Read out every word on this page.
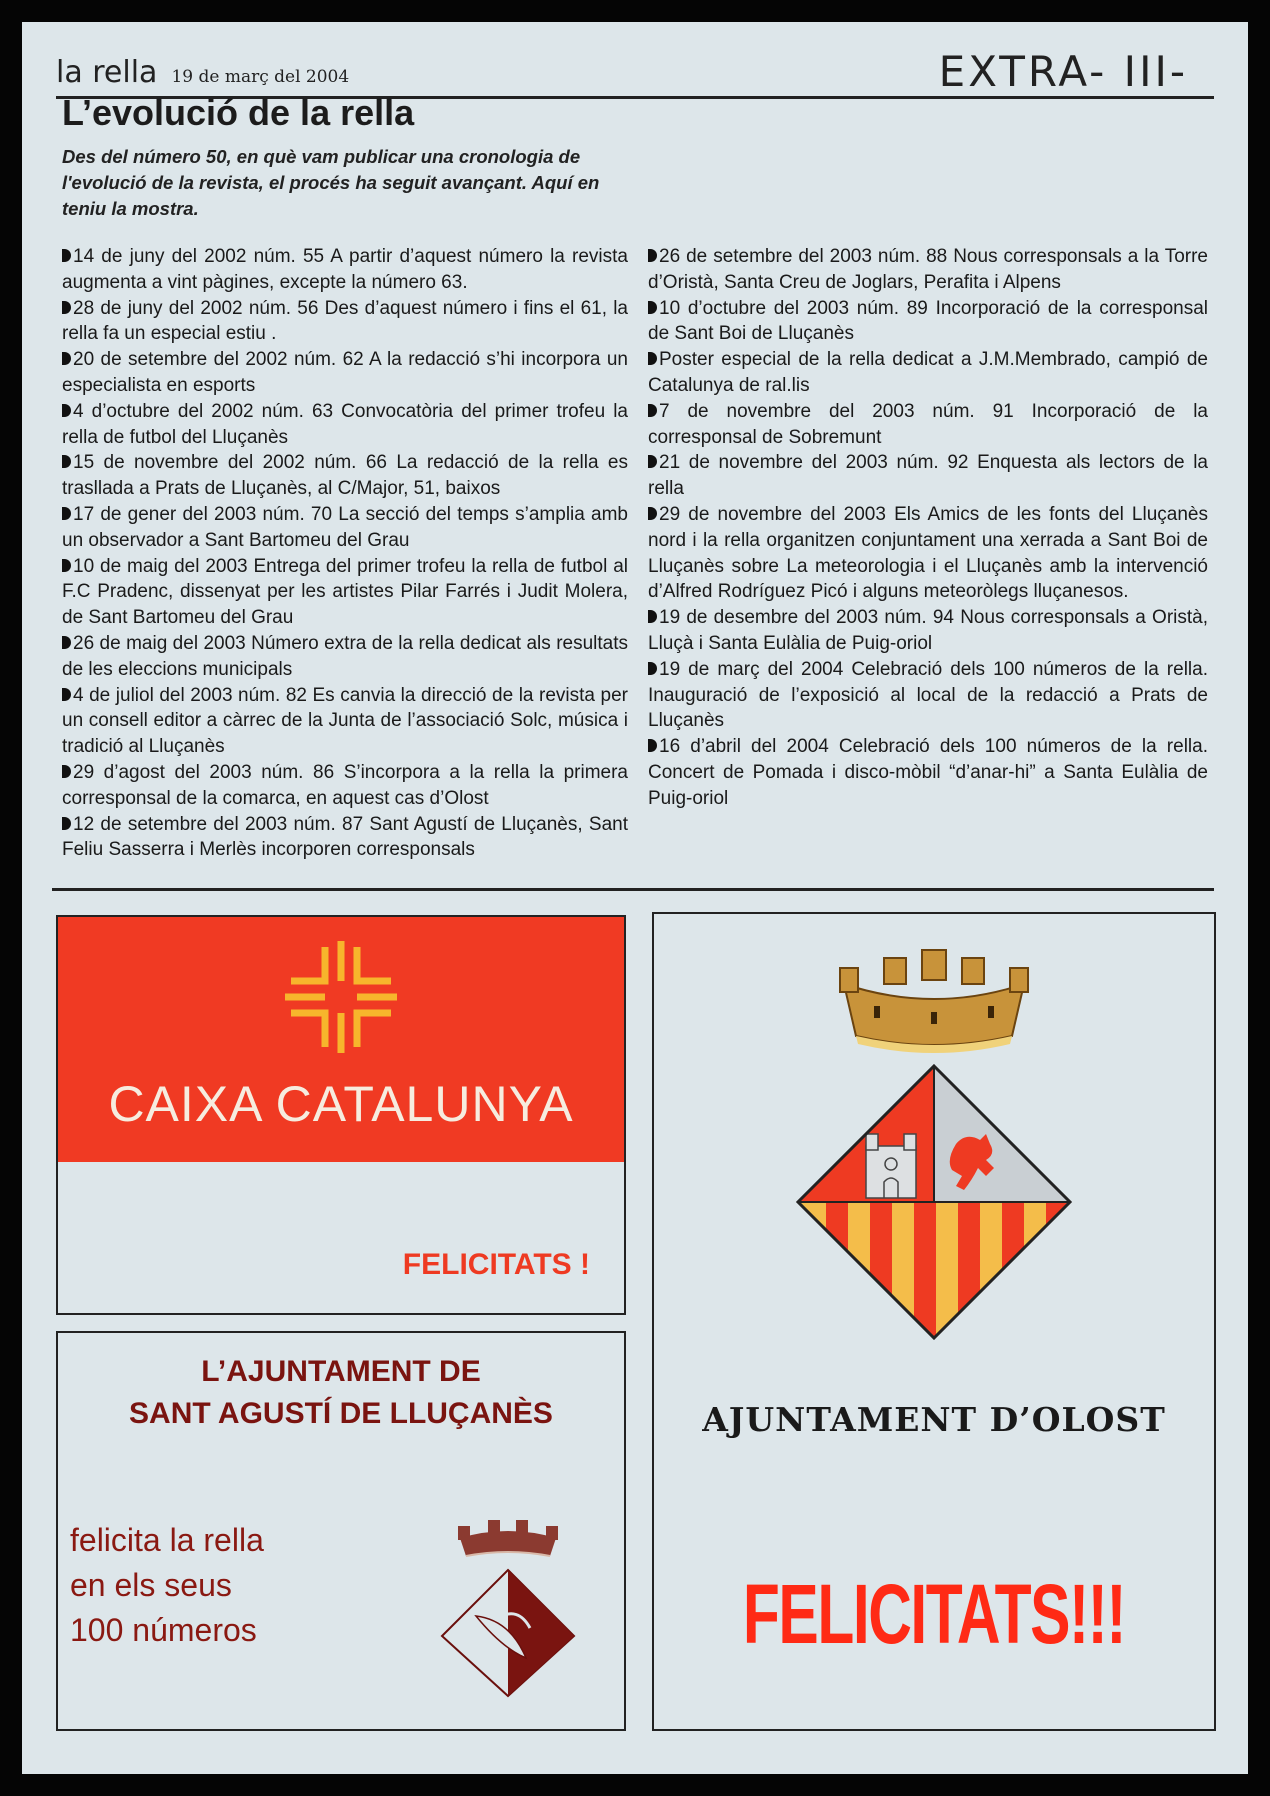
la rella 19 de març del 2004	EXTRA- III-
L’evolució de la rella
Des del número 50, en què vam publicar una cronologia de l'evolució de la revista, el procés ha seguit avançant. Aquí en teniu la mostra.

14 de juny del 2002 núm. 55 A partir d’aquest número la revista augmenta a vint pàgines, excepte la número 63.

28 de juny del 2002 núm. 56 Des d’aquest número i fins el 61, la rella fa un especial estiu .

20 de setembre del 2002 núm. 62 A la redacció s’hi incorpora un especialista en esports

4 d’octubre del 2002 núm. 63 Convocatòria del primer trofeu la rella de futbol del Lluçanès

15 de novembre del 2002 núm. 66 La redacció de la rella es trasllada a Prats de Lluçanès, al C/Major, 51, baixos

17 de gener del 2003 núm. 70 La secció del temps s’amplia amb un observador a Sant Bartomeu del Grau

10 de maig del 2003 Entrega del primer trofeu la rella de futbol al F.C Pradenc, dissenyat per les artistes Pilar Farrés i Judit Molera, de Sant Bartomeu del Grau

26 de maig del 2003 Número extra de la rella dedicat als resultats de les eleccions municipals

4 de juliol del 2003 núm. 82 Es canvia la direcció de la revista per un consell editor a càrrec de la Junta de l’associació Solc, música i tradició al Lluçanès

29 d’agost del 2003 núm. 86 S’incorpora a la rella la primera corresponsal de la comarca, en aquest cas d’Olost

12 de setembre del 2003 núm. 87 Sant Agustí de Lluçanès, Sant Feliu Sasserra i Merlès incorporen corresponsals

26 de setembre del 2003 núm. 88 Nous corresponsals a la Torre d’Oristà, Santa Creu de Joglars, Perafita i Alpens

10 d’octubre del 2003 núm. 89 Incorporació de la corresponsal de Sant Boi de Lluçanès

Poster especial de la rella dedicat a J.M.Membrado, campió de Catalunya de ral.lis

7 de novembre del 2003 núm. 91 Incorporació de la corresponsal de Sobremunt

21 de novembre del 2003 núm. 92 Enquesta als lectors de la rella

29 de novembre del 2003 Els Amics de les fonts del Lluçanès nord i la rella organitzen conjuntament una xerrada a Sant Boi de Lluçanès sobre La meteorologia i el Lluçanès amb la intervenció d’Alfred Rodríguez Picó i alguns meteoròlegs lluçanesos.

19 de desembre del 2003 núm. 94 Nous corresponsals a Oristà, Lluçà i Santa Eulàlia de Puig-oriol

19 de març del 2004 Celebració dels 100 números de la rella. Inauguració de l’exposició al local de la redacció a Prats de Lluçanès

16 d’abril del 2004 Celebració dels 100 números de la rella. Concert de Pomada i disco-mòbil “d’anar-hi” a Santa Eulàlia de Puig-oriol

CAIXA CATALUNYA
FELICITATS !
L’AJUNTAMENT DE
SANT AGUSTÍ DE LLUÇANÈS
felicita la rella
en els seus
100 números
AJUNTAMENT D’OLOST
FELICITATS!!!
